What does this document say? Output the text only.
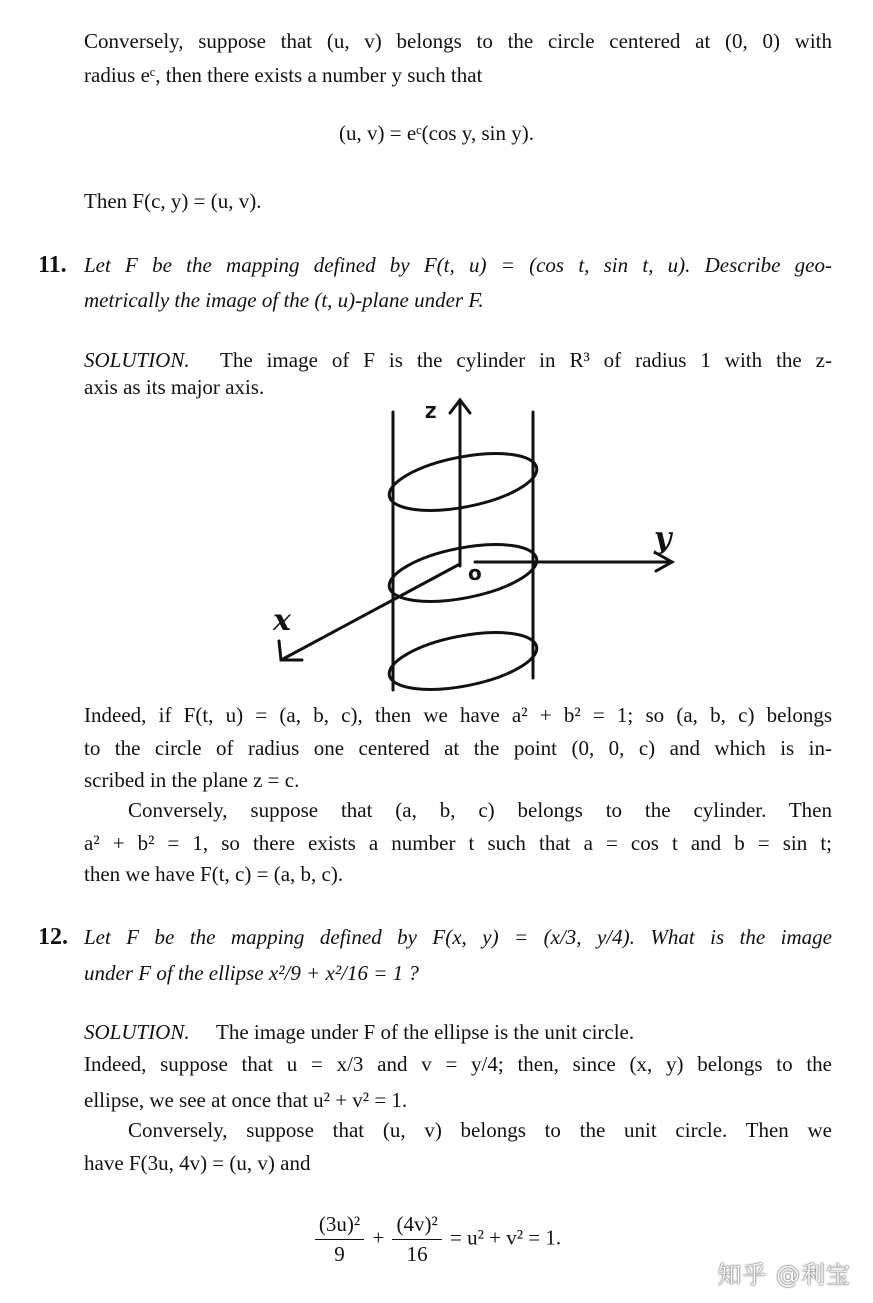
Conversely, suppose that (u, v) belongs to the circle centered at (0, 0) with
radius eᶜ, then there exists a number y such that
(u, v) = eᶜ(cos y, sin y).
Then F(c, y) = (u, v).
11. Let F be the mapping defined by F(t, u) = (cos t, sin t, u). Describe geo-
metrically the image of the (t, u)-plane under F.
SOLUTION. The image of F is the cylinder in R³ of radius 1 with the z-
axis as its major axis.
z
y
x
o
Indeed, if F(t, u) = (a, b, c), then we have a² + b² = 1; so (a, b, c) belongs
to the circle of radius one centered at the point (0, 0, c) and which is in-
scribed in the plane z = c.
Conversely, suppose that (a, b, c) belongs to the cylinder. Then
a² + b² = 1, so there exists a number t such that a = cos t and b = sin t;
then we have F(t, c) = (a, b, c).
12. Let F be the mapping defined by F(x, y) = (x/3, y/4). What is the image
under F of the ellipse x²/9 + x²/16 = 1 ?
SOLUTION. The image under F of the ellipse is the unit circle.
Indeed, suppose that u = x/3 and v = y/4; then, since (x, y) belongs to the
ellipse, we see at once that u² + v² = 1.
Conversely, suppose that (u, v) belongs to the unit circle. Then we
have F(3u, 4v) = (u, v) and
$\frac{\text{(3u)²}}{9} + \frac{\text{(4v)²}}{16} = u^2 + v^2 = 1$.
知乎 @利宝
